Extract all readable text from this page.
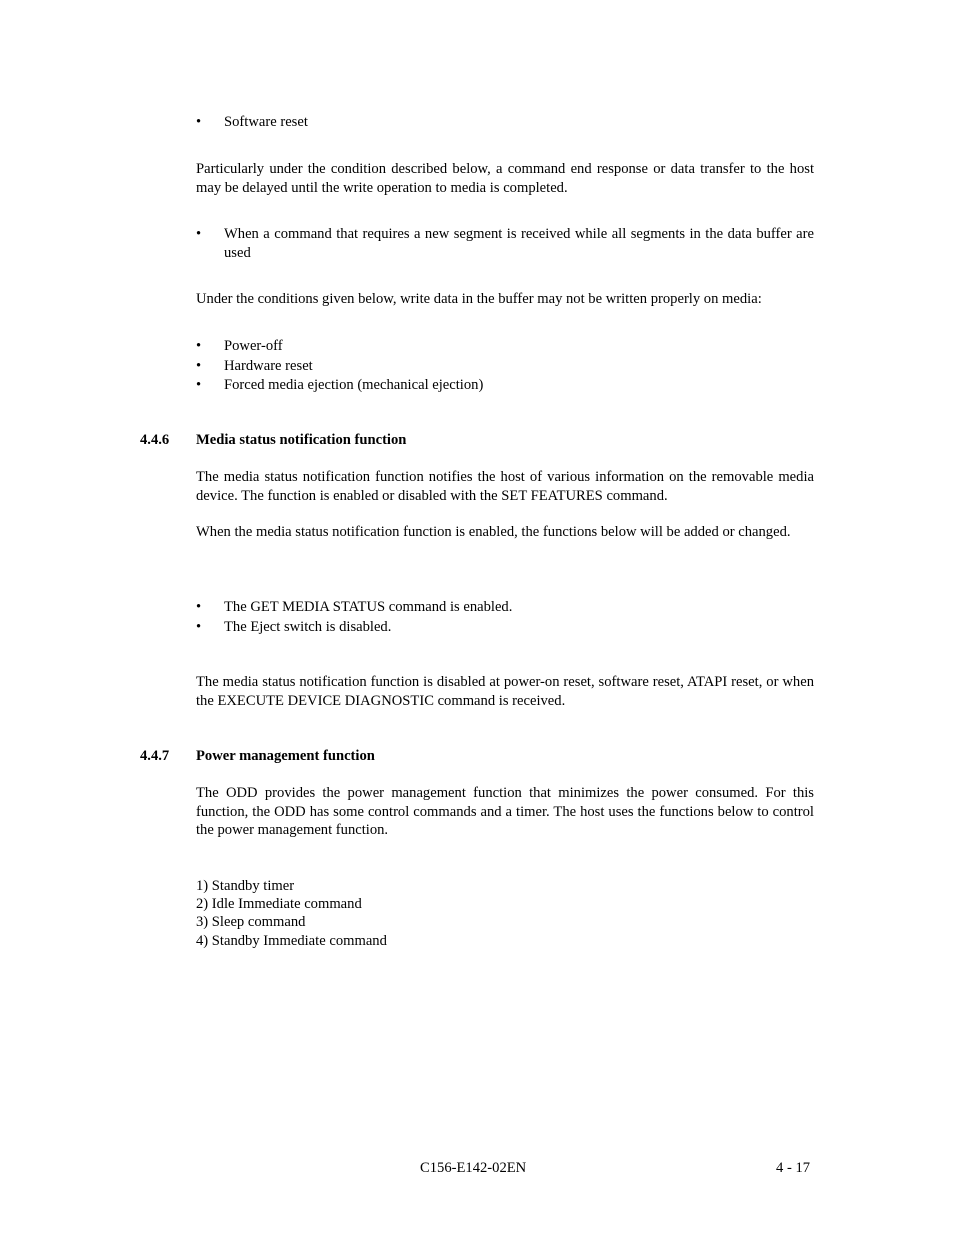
•	Software reset
Particularly under the condition described below, a command end response or data transfer to the host may be delayed until the write operation to media is completed.
•	When a command that requires a new segment is received while all segments in the data buffer are used
Under the conditions given below, write data in the buffer may not be written properly on media:
•	Power-off
•	Hardware reset
•	Forced media ejection (mechanical ejection)
4.4.6 Media status notification function
The media status notification function notifies the host of various information on the removable media device. The function is enabled or disabled with the SET FEATURES command.
When the media status notification function is enabled, the functions below will be added or changed.
•	The GET MEDIA STATUS command is enabled.
•	The Eject switch is disabled.
The media status notification function is disabled at power-on reset, software reset, ATAPI reset, or when the EXECUTE DEVICE DIAGNOSTIC command is received.
4.4.7 Power management function
The ODD provides the power management function that minimizes the power consumed. For this function, the ODD has some control commands and a timer. The host uses the functions below to control the power management function.
1) Standby timer
2) Idle Immediate command
3) Sleep command
4) Standby Immediate command
C156-E142-02EN	4 - 17
